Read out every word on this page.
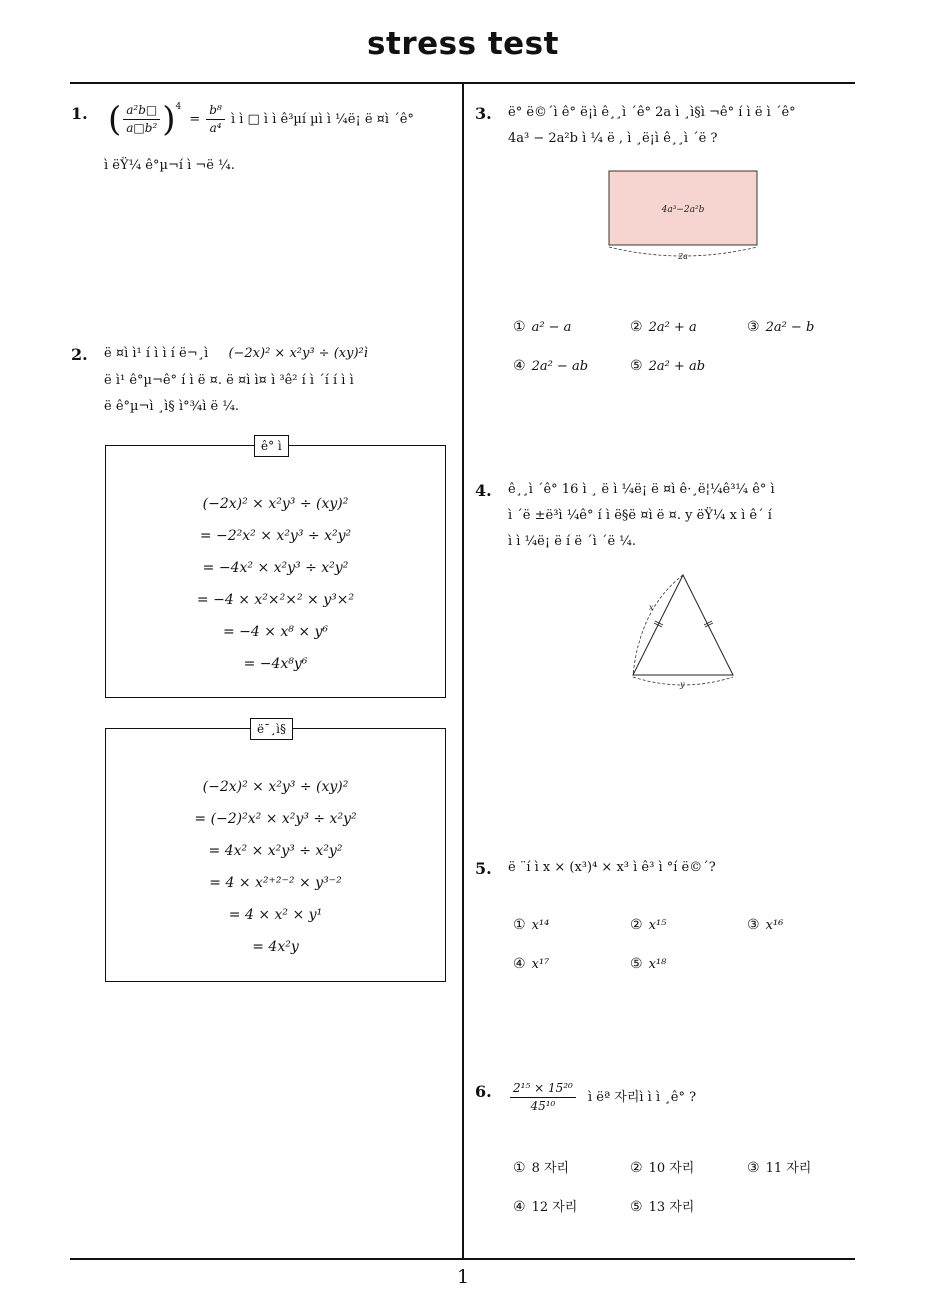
stress test
1
1. ( $\frac{\text{a²b□}}{\text{a□b²}} )^4 = \frac{\text{b⁸}}{\text{a⁴}}$ ì ì □ ì ì ê³µí µì ì ¼ë¡ ë ¤ì ´ê°
ì ëŸ¼ ê°µ¬í ì ¬ë ¼.
2. ë ¤ì ì¹ í ì ì í ë¬¸ì (−2x)² × x²y³ ÷ (xy)²ì
ë ì¹ ê°µ¬ê° í ì ë ¤. ë ¤ì ì¤ ì ³ê² í ì ´í í ì ì
ë ê°µ¬ì ¸ì§ ì°¾ì ë ¼.
(−2x)² × x²y³ ÷ (xy)²
= −2²x² × x²y³ ÷ x²y²
= −4x² × x²y³ ÷ x²y²
= −4 × x²×²×² × y³×²
= −4 × x⁸ × y⁶
= −4x⁸y⁶
ê° ì
(−2x)² × x²y³ ÷ (xy)²
= (−2)²x² × x²y³ ÷ x²y²
= 4x² × x²y³ ÷ x²y²
= 4 × x²⁺²⁻² × y³⁻²
= 4 × x² × y¹
= 4x²y
ë¯¸ì§
3. ë° ë©´ì ê° ë¡ì ê¸¸ì ´ê° 2a ì ¸ì§ì ¬ê° í ì ë ì ´ê°
4a³ − 2a²b ì ¼ ë , ì ¸ë¡ì ê¸¸ì ´ë ?
4a³−2a²b
2a
① a² − a	② 2a² + a	③ 2a² − b
④ 2a² − ab	⑤ 2a² + ab
4. ê¸¸ì ´ê° 16 ì ¸ ë ì ¼ë¡ ë ¤ì ê·¸ë¦¼ê³¼ ê° ì
ì ´ë ±ë³ì ¼ê° í ì ë§ë ¤ì ë ¤. y ëŸ¼ x ì ê´ í
ì ì ¼ë¡ ë í ë ´ì ´ë ¼.
x
y
5. ë ¨í ì x × (x³)⁴ × x³ ì ê³ ì °í ë©´?
① x¹⁴	② x¹⁵	③ x¹⁶
④ x¹⁷	⑤ x¹⁸
6. $\frac{\text{2¹⁵ × 15²⁰}}{\text{45¹⁰}}$ ì ëª 자리ì ì ì ¸ê° ?
① 8 자리	② 10 자리	③ 11 자리
④ 12 자리	⑤ 13 자리
